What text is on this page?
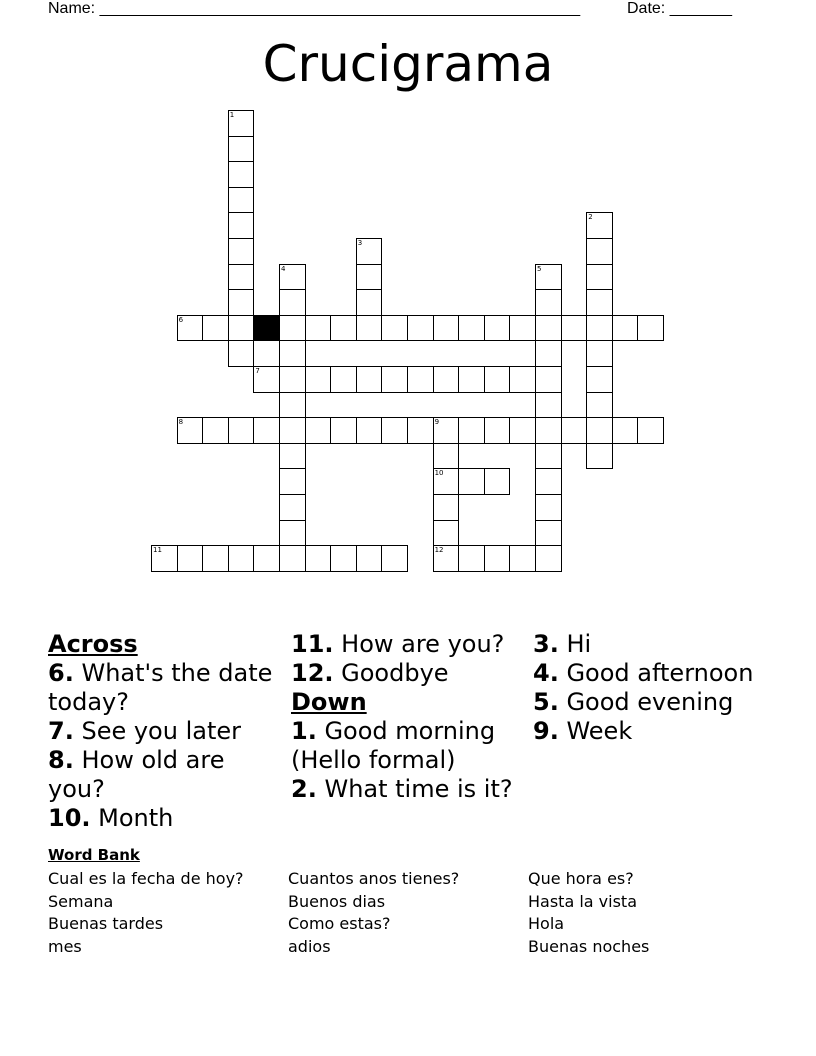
Name: ______________________________________________________	Date: _______
Crucigrama
6
7
8	9
10
11	12
1
2
3
4	5
Across
6. What's the date today?
7. See you later
8. How old are you?
10. Month
11. How are you?
12. Goodbye
Down
1. Good morning (Hello formal)
2. What time is it?
3. Hi
4. Good afternoon
5. Good evening
9. Week
Word Bank
Cual es la fecha de hoy?
Semana
Buenas tardes
mes
Cuantos anos tienes?
Buenos dias
Como estas?
adios
Que hora es?
Hasta la vista
Hola
Buenas noches
